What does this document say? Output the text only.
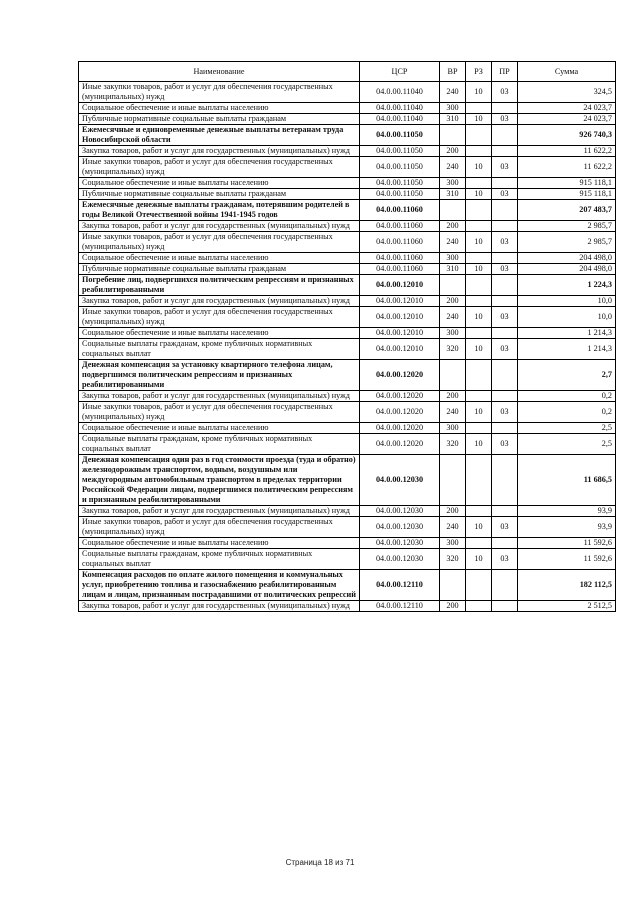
Наименование	ЦСР	ВР	РЗ	ПР	Сумма
Иные закупки товаров, работ и услуг для обеспечения государственных (муниципальных) нужд	04.0.00.11040	240	10	03	324,5
Социальное обеспечение и иные выплаты населению	04.0.00.11040	300			24 023,7
Публичные нормативные социальные выплаты гражданам	04.0.00.11040	310	10	03	24 023,7
Ежемесячные и единовременные денежные выплаты ветеранам труда Новосибирской области	04.0.00.11050				926 740,3
Закупка товаров, работ и услуг для государственных (муниципальных) нужд	04.0.00.11050	200			11 622,2
Иные закупки товаров, работ и услуг для обеспечения государственных (муниципальных) нужд	04.0.00.11050	240	10	03	11 622,2
Социальное обеспечение и иные выплаты населению	04.0.00.11050	300			915 118,1
Публичные нормативные социальные выплаты гражданам	04.0.00.11050	310	10	03	915 118,1
Ежемесячные денежные выплаты гражданам, потерявшим родителей в годы Великой Отечественной войны 1941-1945 годов	04.0.00.11060				207 483,7
Закупка товаров, работ и услуг для государственных (муниципальных) нужд	04.0.00.11060	200			2 985,7
Иные закупки товаров, работ и услуг для обеспечения государственных (муниципальных) нужд	04.0.00.11060	240	10	03	2 985,7
Социальное обеспечение и иные выплаты населению	04.0.00.11060	300			204 498,0
Публичные нормативные социальные выплаты гражданам	04.0.00.11060	310	10	03	204 498,0
Погребение лиц, подвергшихся политическим репрессиям и признанных реабилитированными	04.0.00.12010				1 224,3
Закупка товаров, работ и услуг для государственных (муниципальных) нужд	04.0.00.12010	200			10,0
Иные закупки товаров, работ и услуг для обеспечения государственных (муниципальных) нужд	04.0.00.12010	240	10	03	10,0
Социальное обеспечение и иные выплаты населению	04.0.00.12010	300			1 214,3
Социальные выплаты гражданам, кроме публичных нормативных социальных выплат	04.0.00.12010	320	10	03	1 214,3
Денежная компенсация за установку квартирного телефона лицам, подвергшимся политическим репрессиям и признанных реабилитированными	04.0.00.12020				2,7
Закупка товаров, работ и услуг для государственных (муниципальных) нужд	04.0.00.12020	200			0,2
Иные закупки товаров, работ и услуг для обеспечения государственных (муниципальных) нужд	04.0.00.12020	240	10	03	0,2
Социальное обеспечение и иные выплаты населению	04.0.00.12020	300			2,5
Социальные выплаты гражданам, кроме публичных нормативных социальных выплат	04.0.00.12020	320	10	03	2,5
Денежная компенсация один раз в год стоимости проезда (туда и обратно) железнодорожным транспортом, водным, воздушным или междугородным автомобильным транспортом в пределах территории Российской Федерации лицам, подвергшимся политическим репрессиям и признанным реабилитированными	04.0.00.12030				11 686,5
Закупка товаров, работ и услуг для государственных (муниципальных) нужд	04.0.00.12030	200			93,9
Иные закупки товаров, работ и услуг для обеспечения государственных (муниципальных) нужд	04.0.00.12030	240	10	03	93,9
Социальное обеспечение и иные выплаты населению	04.0.00.12030	300			11 592,6
Социальные выплаты гражданам, кроме публичных нормативных социальных выплат	04.0.00.12030	320	10	03	11 592,6
Компенсация расходов по оплате жилого помещения и коммунальных услуг, приобретению топлива и газоснабжению реабилитированным лицам и лицам, признанным пострадавшими от политических репрессий	04.0.00.12110				182 112,5
Закупка товаров, работ и услуг для государственных (муниципальных) нужд	04.0.00.12110	200			2 512,5
Страница 18 из 71
